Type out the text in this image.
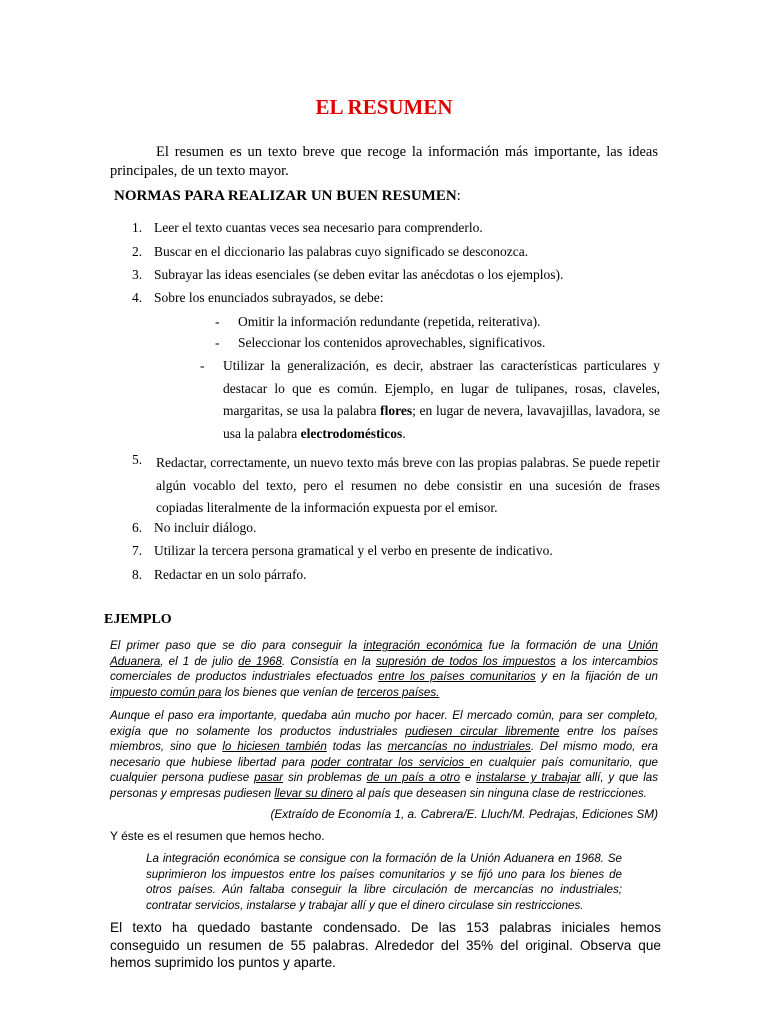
EL RESUMEN
El resumen es un texto breve que recoge la información más importante, las ideas principales, de un texto mayor.
NORMAS PARA REALIZAR UN BUEN RESUMEN:
1. Leer el texto cuantas veces sea necesario para comprenderlo.
2. Buscar en el diccionario las palabras cuyo significado se desconozca.
3. Subrayar las ideas esenciales (se deben evitar las anécdotas o los ejemplos).
4. Sobre los enunciados subrayados, se debe:
- Omitir la información redundante (repetida, reiterativa).
- Seleccionar los contenidos aprovechables, significativos.
- Utilizar la generalización, es decir, abstraer las características particulares y destacar lo que es común. Ejemplo, en lugar de tulipanes, rosas, claveles, margaritas, se usa la palabra flores; en lugar de nevera, lavavajillas, lavadora, se usa la palabra electrodomésticos.
5. Redactar, correctamente, un nuevo texto más breve con las propias palabras. Se puede repetir algún vocablo del texto, pero el resumen no debe consistir en una sucesión de frases copiadas literalmente de la información expuesta por el emisor.
6. No incluir diálogo.
7. Utilizar la tercera persona gramatical y el verbo en presente de indicativo.
8. Redactar en un solo párrafo.
EJEMPLO
El primer paso que se dio para conseguir la integración económica fue la formación de una Unión Aduanera, el 1 de julio de 1968. Consistía en la supresión de todos los impuestos a los intercambios comerciales de productos industriales efectuados entre los países comunitarios y en la fijación de un impuesto común para los bienes que venían de terceros países.
Aunque el paso era importante, quedaba aún mucho por hacer. El mercado común, para ser completo, exigía que no solamente los productos industriales pudiesen circular libremente entre los países miembros, sino que lo hiciesen también todas las mercancías no industriales. Del mismo modo, era necesario que hubiese libertad para poder contratar los servicios en cualquier país comunitario, que cualquier persona pudiese pasar sin problemas de un país a otro e instalarse y trabajar allí, y que las personas y empresas pudiesen llevar su dinero al país que deseasen sin ninguna clase de restricciones.
(Extraído de Economía 1, a. Cabrera/E. Lluch/M. Pedrajas, Ediciones SM)
Y éste es el resumen que hemos hecho.
La integración económica se consigue con la formación de la Unión Aduanera en 1968. Se suprimieron los impuestos entre los países comunitarios y se fijó uno para los bienes de otros países. Aún faltaba conseguir la libre circulación de mercancías no industriales; contratar servicios, instalarse y trabajar allí y que el dinero circulase sin restricciones.
El texto ha quedado bastante condensado. De las 153 palabras iniciales hemos conseguido un resumen de 55 palabras. Alrededor del 35% del original. Observa que hemos suprimido los puntos y aparte.
